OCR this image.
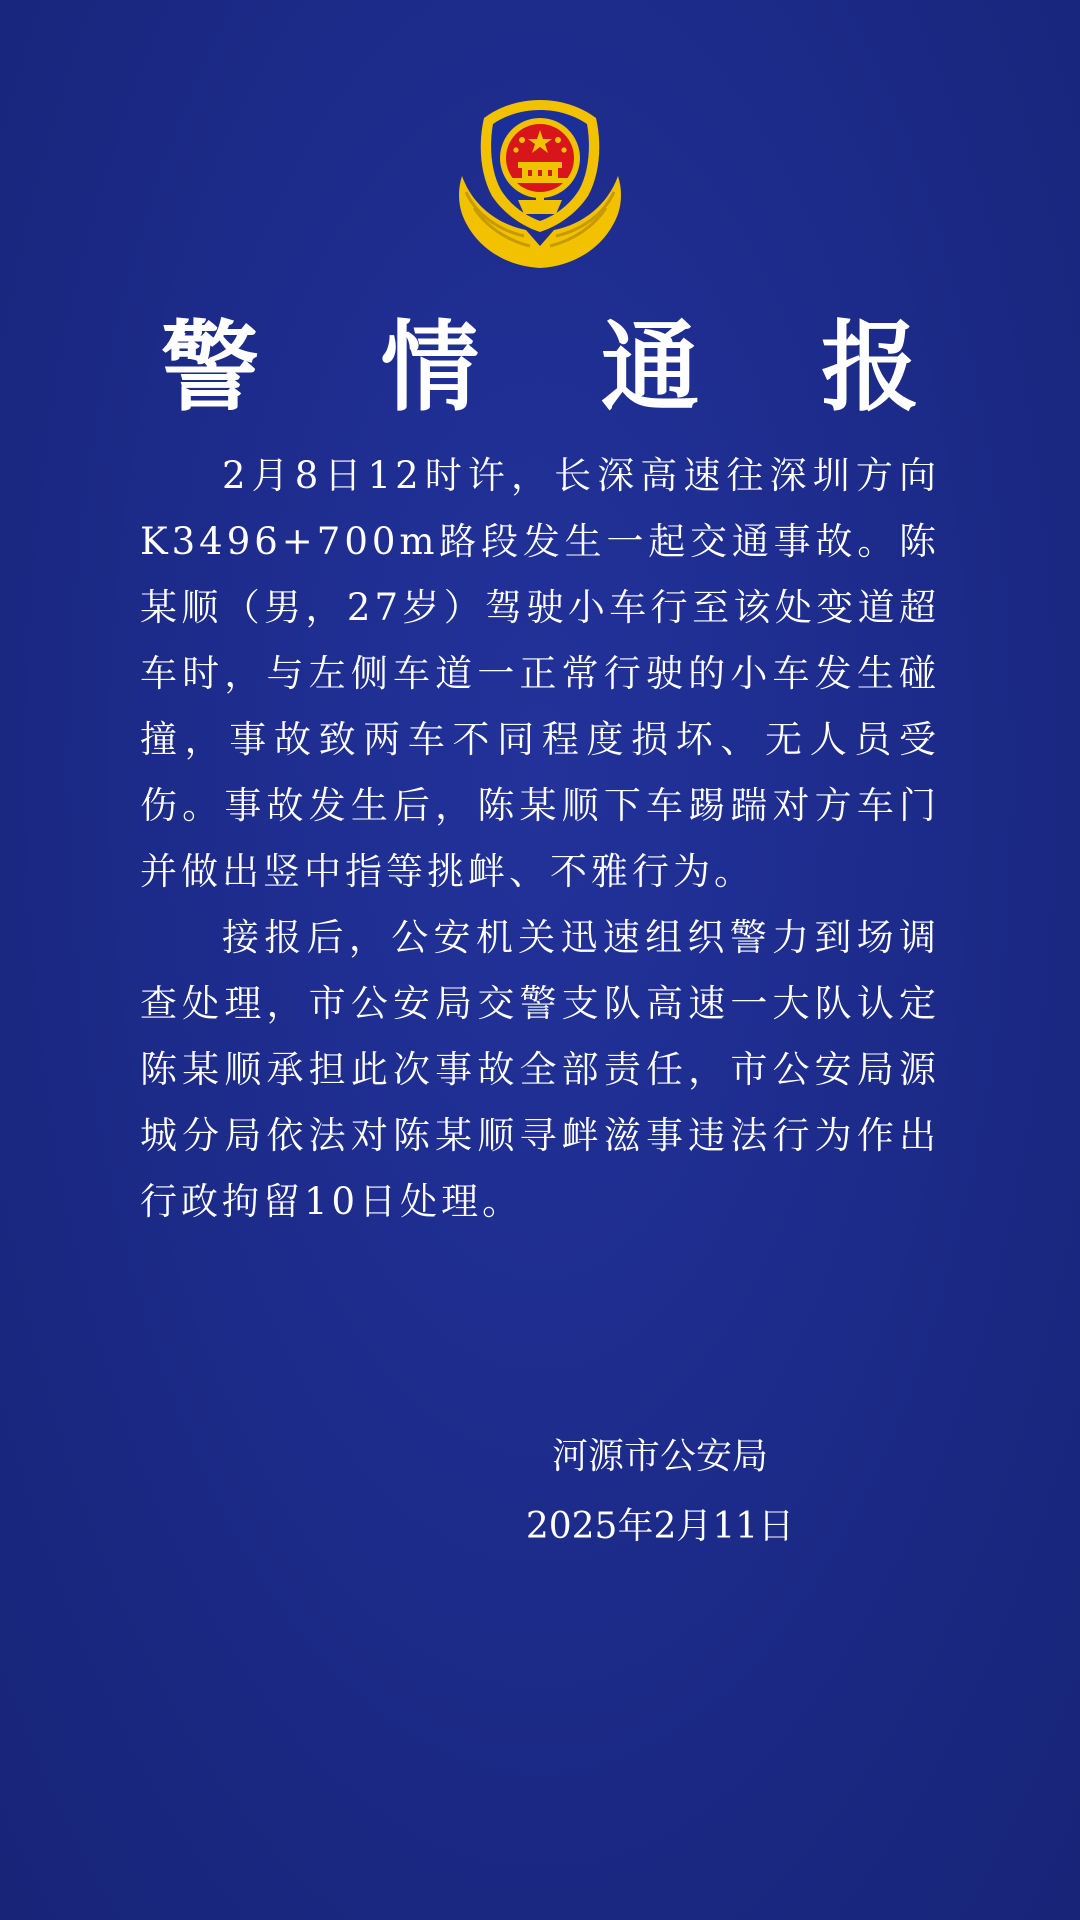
警 情 通 报

2月8日12时许，长深高速往深圳方向K3496+700m路段发生一起交通事故。陈某顺（男，27岁）驾驶小车行至该处变道超车时，与左侧车道一正常行驶的小车发生碰撞，事故致两车不同程度损坏、无人员受伤。事故发生后，陈某顺下车踢踹对方车门并做出竖中指等挑衅、不雅行为。

接报后，公安机关迅速组织警力到场调查处理，市公安局交警支队高速一大队认定陈某顺承担此次事故全部责任，市公安局源城分局依法对陈某顺寻衅滋事违法行为作出行政拘留10日处理。

河源市公安局
2025年2月11日
